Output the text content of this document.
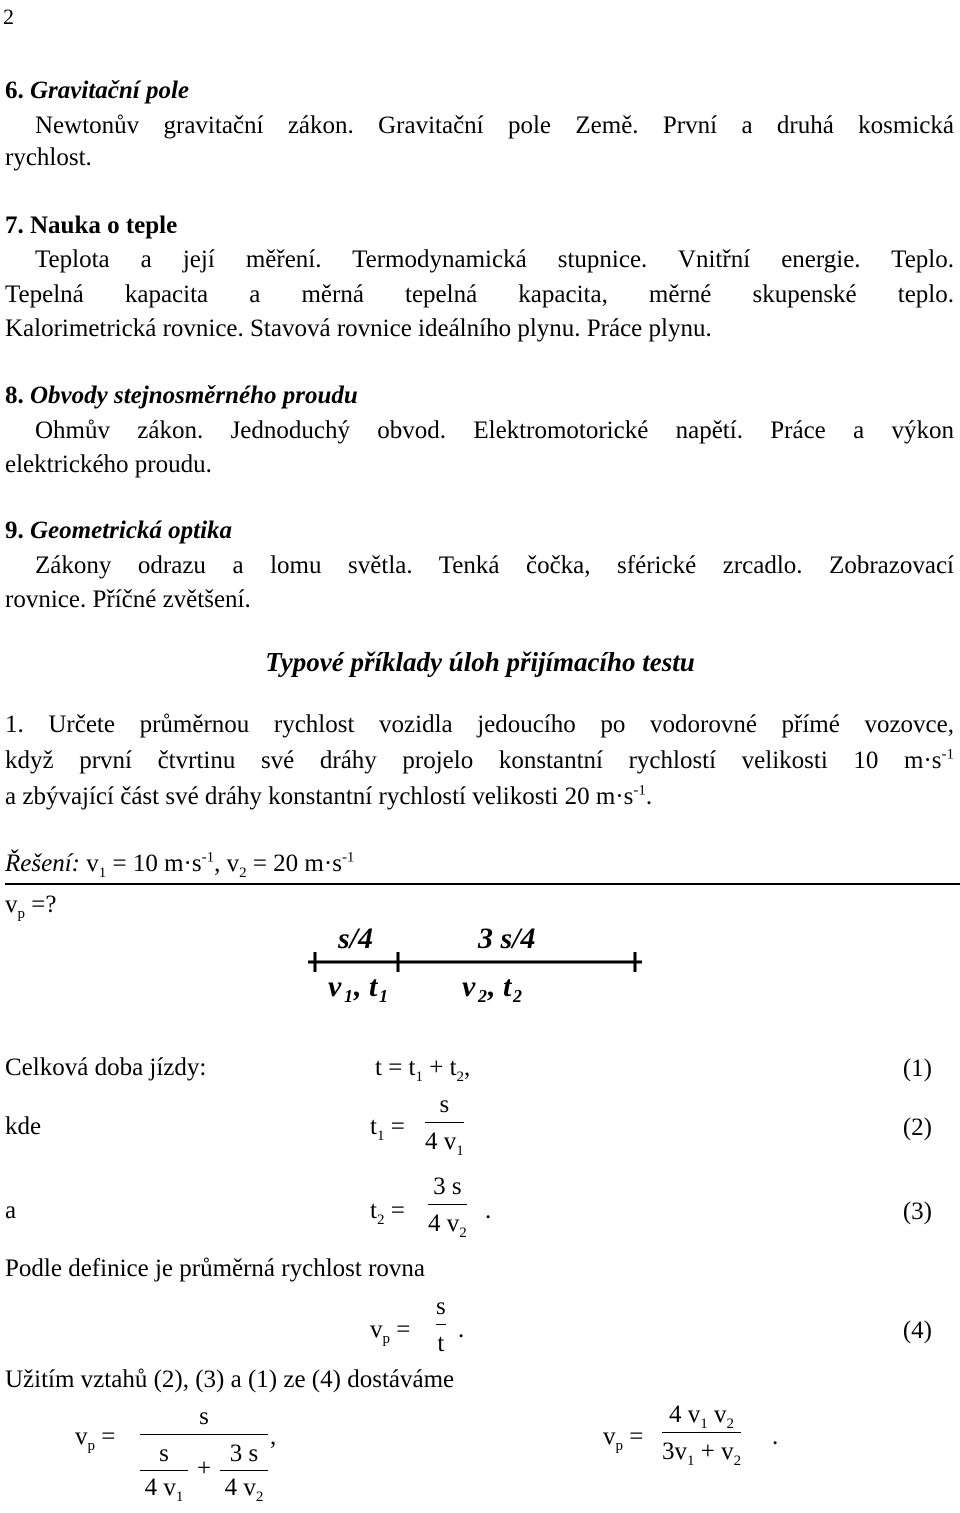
2
6. Gravitační pole
Newtonův gravitační zákon. Gravitační pole Země. První a druhá kosmická
rychlost.
7. Nauka o teple
Teplota a její měření. Termodynamická stupnice. Vnitřní energie. Teplo.
Tepelná kapacita a měrná tepelná kapacita, měrné skupenské teplo.
Kalorimetrická rovnice. Stavová rovnice ideálního plynu. Práce plynu.
8. Obvody stejnosměrného proudu
Ohmův zákon. Jednoduchý obvod. Elektromotorické napětí. Práce a výkon
elektrického proudu.
9. Geometrická optika
Zákony odrazu a lomu světla. Tenká čočka, sférické zrcadlo. Zobrazovací
rovnice. Příčné zvětšení.
Typové příklady úloh přijímacího testu
1. Určete průměrnou rychlost vozidla jedoucího po vodorovné přímé vozovce,
když první čtvrtinu své dráhy projelo konstantní rychlostí velikosti 10 $m\cdot s^{-1}$
a zbývající část své dráhy konstantní rychlostí velikosti 20 $m\cdot s^{-1}$.
Řešení: $v_1 = 10$ $m\cdot s^{-1}$, $v_2 = 20$ $m\cdot s^{-1}$
$v_p$ =?
s/4	3 s/4
v 1 , t 1 v 2 , t 2
Celková doba jízdy:	$t = t_1 + t_2$,	(1)
kde	$t_1$ =
s
4 $v_1$
(2)
a	$t_2$ =
3 s
4 $v_2$
.	(3)
Podle definice je průměrná rychlost rovna
$v_p$ =
s
t
.	(4)
Užitím vztahů (2), (3) a (1) ze (4) dostáváme
$v_p$ =
s
s
4 $v_1$
+
3 s
4 $v_2$
,	$v_p$ =
4 $v_1$ $v_2$
$3v_1 + v_2$
.
